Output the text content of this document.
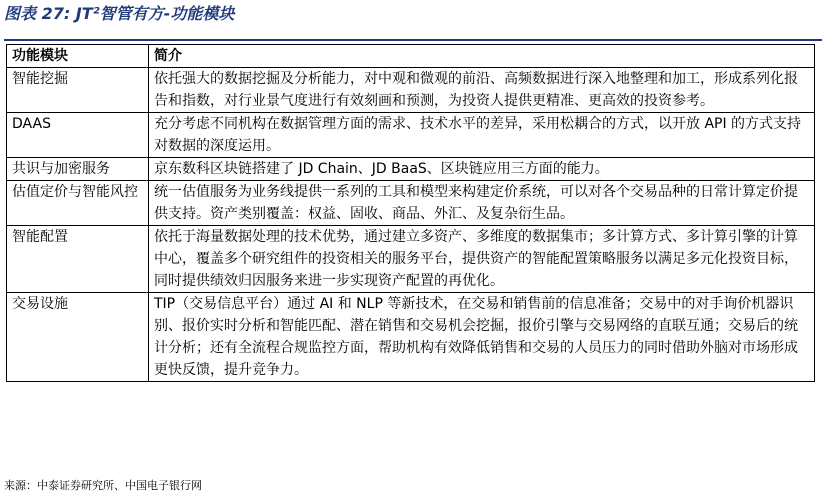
图表 27: JT²智管有方-功能模块
功能模块	简介
智能挖掘	依托强大的数据挖掘及分析能力，对中观和微观的前沿、高频数据进行深入地整理和加工，形成系列化报告和指数，对行业景气度进行有效刻画和预测，为投资人提供更精准、更高效的投资参考。
DAAS	充分考虑不同机构在数据管理方面的需求、技术水平的差异，采用松耦合的方式，以开放 API 的方式支持对数据的深度运用。
共识与加密服务	京东数科区块链搭建了 JD Chain、JD BaaS、区块链应用三方面的能力。
估值定价与智能风控	统一估值服务为业务线提供一系列的工具和模型来构建定价系统，可以对各个交易品种的日常计算定价提供支持。资产类别覆盖：权益、固收、商品、外汇、及复杂衍生品。
智能配置	依托于海量数据处理的技术优势，通过建立多资产、多维度的数据集市；多计算方式、多计算引擎的计算中心，覆盖多个研究组件的投资相关的服务平台，提供资产的智能配置策略服务以满足多元化投资目标，同时提供绩效归因服务来进一步实现资产配置的再优化。
交易设施	TIP（交易信息平台）通过 AI 和 NLP 等新技术，在交易和销售前的信息准备；交易中的对手询价机器识别、报价实时分析和智能匹配、潜在销售和交易机会挖掘，报价引擎与交易网络的直联互通；交易后的统计分析；还有全流程合规监控方面，帮助机构有效降低销售和交易的人员压力的同时借助外脑对市场形成更快反馈，提升竞争力。
来源：中泰证券研究所、中国电子银行网
